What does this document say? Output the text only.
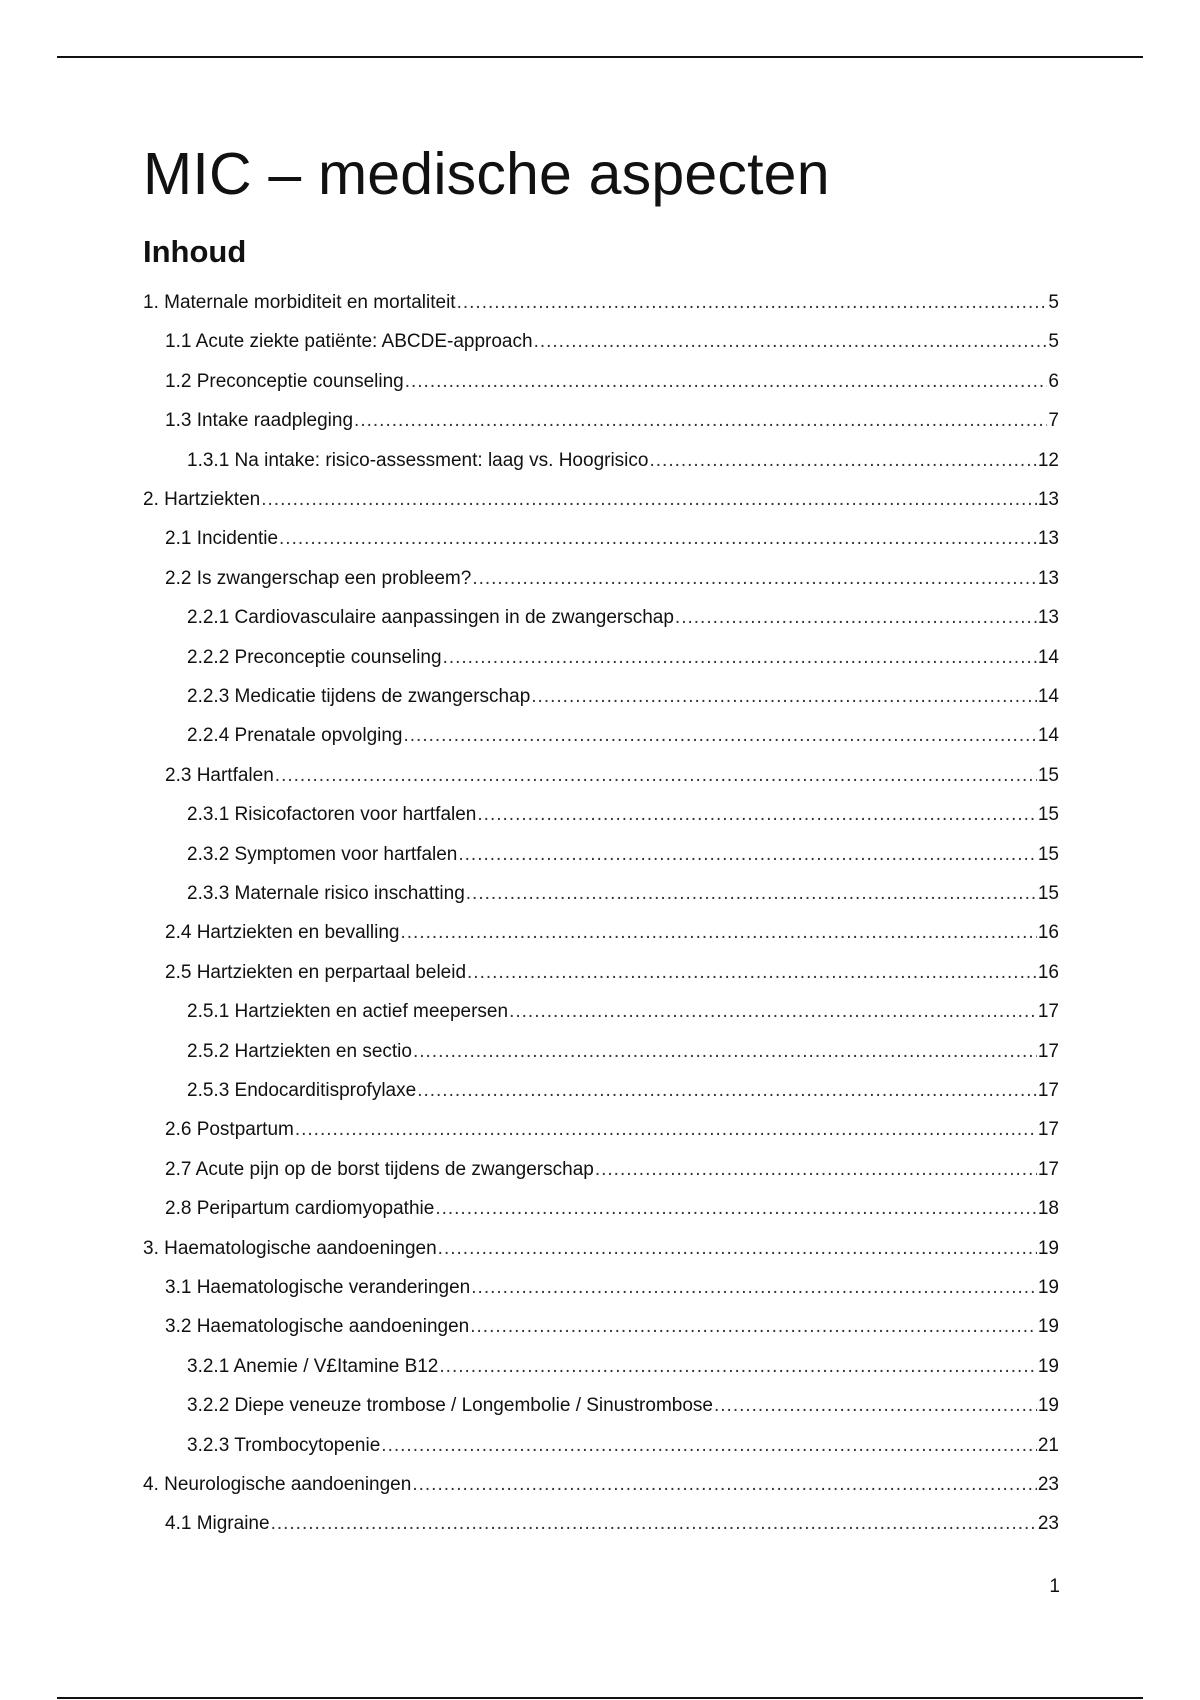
MIC – medische aspecten
Inhoud
1. Maternale morbiditeit en mortaliteit .....	5
1.1 Acute ziekte patiënte: ABCDE-approach .....	5
1.2 Preconceptie counseling .....	6
1.3 Intake raadpleging .....	7
1.3.1 Na intake: risico-assessment: laag vs. Hoogrisico .....	12
2. Hartziekten .....	13
2.1 Incidentie .....	13
2.2 Is zwangerschap een probleem? .....	13
2.2.1 Cardiovasculaire aanpassingen in de zwangerschap .....	13
2.2.2 Preconceptie counseling .....	14
2.2.3 Medicatie tijdens de zwangerschap .....	14
2.2.4 Prenatale opvolging .....	14
2.3 Hartfalen .....	15
2.3.1 Risicofactoren voor hartfalen .....	15
2.3.2 Symptomen voor hartfalen .....	15
2.3.3 Maternale risico inschatting .....	15
2.4 Hartziekten en bevalling .....	16
2.5 Hartziekten en perpartaal beleid .....	16
2.5.1 Hartziekten en actief meepersen .....	17
2.5.2 Hartziekten en sectio .....	17
2.5.3 Endocarditisprofylaxe .....	17
2.6 Postpartum .....	17
2.7 Acute pijn op de borst tijdens de zwangerschap .....	17
2.8 Peripartum cardiomyopathie .....	18
3. Haematologische aandoeningen .....	19
3.1 Haematologische veranderingen .....	19
3.2 Haematologische aandoeningen .....	19
3.2.1 Anemie / V£Itamine B12 .....	19
3.2.2 Diepe veneuze trombose / Longembolie / Sinustrombose .....	19
3.2.3 Trombocytopenie .....	21
4. Neurologische aandoeningen .....	23
4.1 Migraine .....	23
1
